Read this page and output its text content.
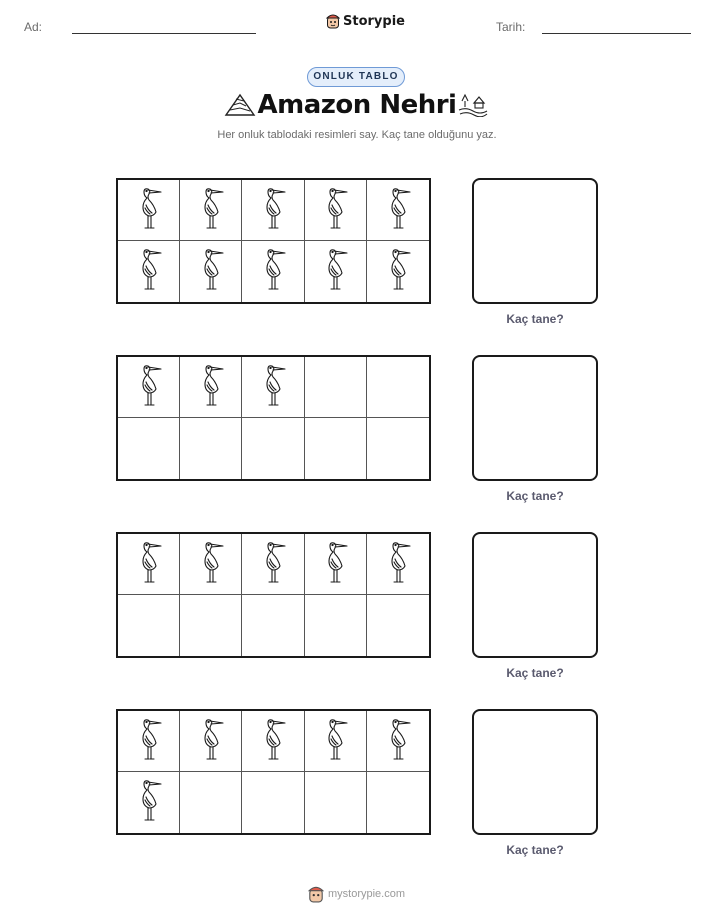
Ad:	Storypie	Tarih:
ONLUK TABLO
Amazon Nehri
Her onluk tablodaki resimleri say. Kaç tane olduğunu yaz.
Kaç tane?
Kaç tane?
Kaç tane?
Kaç tane?
mystorypie.com
